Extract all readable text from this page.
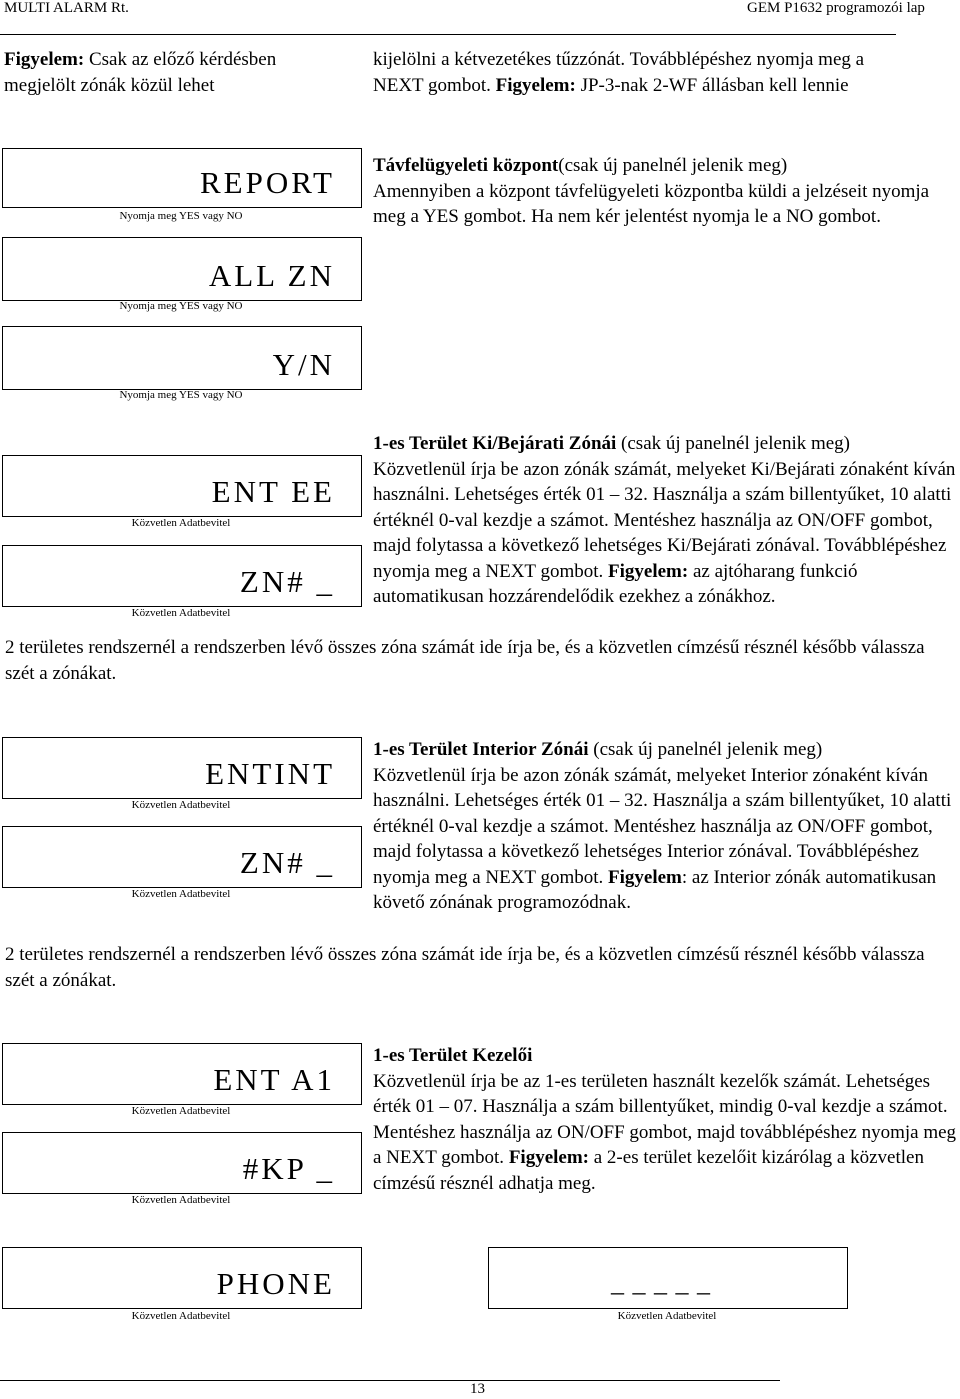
MULTI ALARM Rt.	GEM P1632 programozói lap
Figyelem: Csak az előző kérdésben
megjelölt zónák közül lehet
kijelölni a kétvezetékes tűzzónát. Továbblépéshez nyomja meg a
NEXT gombot. Figyelem: JP-3-nak 2-WF állásban kell lennie
REPORT
Nyomja meg YES vagy NO
ALL ZN
Nyomja meg YES vagy NO
Y/N
Nyomja meg YES vagy NO
Távfelügyeleti központ(csak új panelnél jelenik meg)
Amennyiben a központ távfelügyeleti központba küldi a jelzéseit nyomja meg a YES gombot. Ha nem kér jelentést nyomja le a NO gombot.
ENT EE
Közvetlen Adatbevitel
ZN# _
Közvetlen Adatbevitel
1-es Terület Ki/Bejárati Zónái (csak új panelnél jelenik meg)
Közvetlenül írja be azon zónák számát, melyeket Ki/Bejárati zónaként kíván használni. Lehetséges érték 01 – 32. Használja a szám billentyűket, 10 alatti értéknél 0-val kezdje a számot. Mentéshez használja az ON/OFF gombot, majd folytassa a következő lehetséges Ki/Bejárati zónával. Továbblépéshez nyomja meg a NEXT gombot. Figyelem: az ajtóharang funkció automatikusan hozzárendelődik ezekhez a zónákhoz.
2 területes rendszernél a rendszerben lévő összes zóna számát ide írja be, és a közvetlen címzésű résznél később válassza szét a zónákat.
ENTINT
Közvetlen Adatbevitel
ZN# _
Közvetlen Adatbevitel
1-es Terület Interior Zónái (csak új panelnél jelenik meg)
Közvetlenül írja be azon zónák számát, melyeket Interior zónaként kíván használni. Lehetséges érték 01 – 32. Használja a szám billentyűket, 10 alatti értéknél 0-val kezdje a számot. Mentéshez használja az ON/OFF gombot, majd folytassa a következő lehetséges Interior zónával. Továbblépéshez nyomja meg a NEXT gombot. Figyelem: az Interior zónák automatikusan követő zónának programozódnak.
2 területes rendszernél a rendszerben lévő összes zóna számát ide írja be, és a közvetlen címzésű résznél később válassza szét a zónákat.
ENT A1
Közvetlen Adatbevitel
#KP _
Közvetlen Adatbevitel
1-es Terület Kezelői
Közvetlenül írja be az 1-es területen használt kezelők számát. Lehetséges érték 01 – 07. Használja a szám billentyűket, mindig 0-val kezdje a számot. Mentéshez használja az ON/OFF gombot, majd továbblépéshez nyomja meg a NEXT gombot. Figyelem: a 2-es terület kezelőit kizárólag a közvetlen címzésű résznél adhatja meg.
PHONE
Közvetlen Adatbevitel
_ _ _ _ _
Közvetlen Adatbevitel
13
